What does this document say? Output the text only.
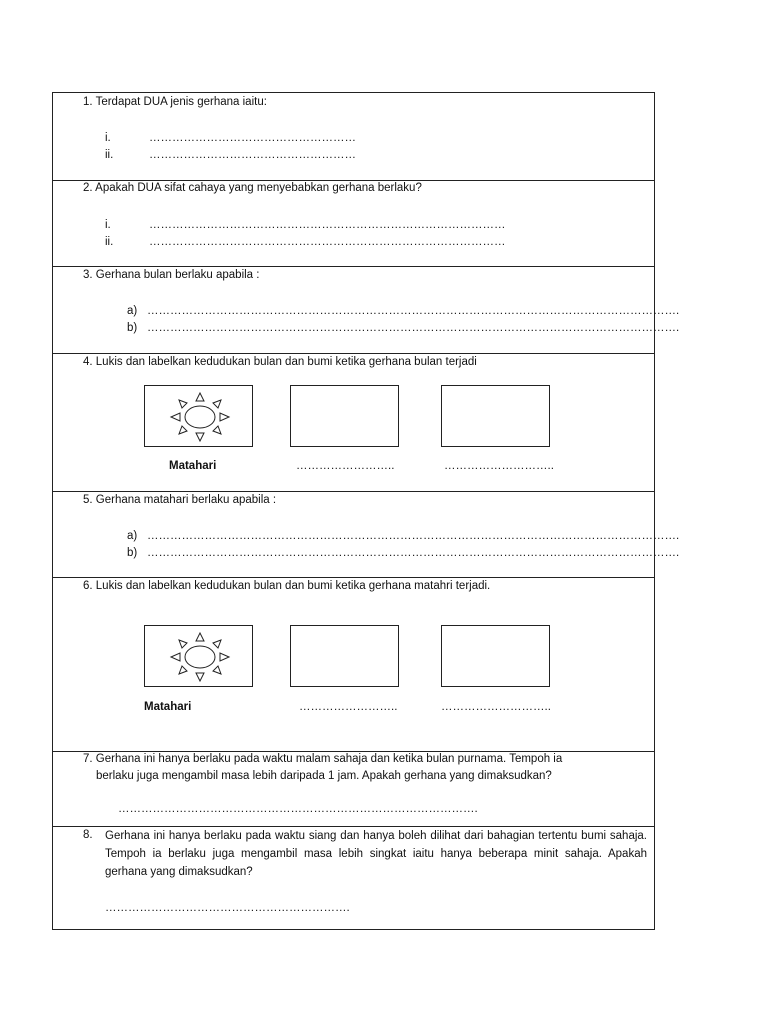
1. Terdapat DUA jenis gerhana iaitu:
i.	………………………………………………
ii.	………………………………………………
2. Apakah DUA sifat cahaya yang menyebabkan gerhana berlaku?
i.	…………………………………………………………………………………
ii.	…………………………………………………………………………………
3. Gerhana bulan berlaku apabila :
a) ………………………………………………………………………………………………………………………….
b) ………………………………………………………………………………………………………………………….
4. Lukis dan labelkan kedudukan bulan dan bumi ketika gerhana bulan terjadi
Matahari	……………………..	………………………..
5. Gerhana matahari berlaku apabila :
a) ………………………………………………………………………………………………………………………….
b) ………………………………………………………………………………………………………………………….
6. Lukis dan labelkan kedudukan bulan dan bumi ketika gerhana matahri terjadi.
Matahari	……………………..	………………………..
7. Gerhana ini hanya berlaku pada waktu malam sahaja dan ketika bulan purnama. Tempoh ia
berlaku juga mengambil masa lebih daripada 1 jam. Apakah gerhana yang dimaksudkan?
………………………………………………………………………………….
8. Gerhana ini hanya berlaku pada waktu siang dan hanya boleh dilihat dari bahagian tertentu bumi sahaja. Tempoh ia berlaku juga mengambil masa lebih singkat iaitu hanya beberapa minit sahaja. Apakah gerhana yang dimaksudkan?
……………………………………………………….
